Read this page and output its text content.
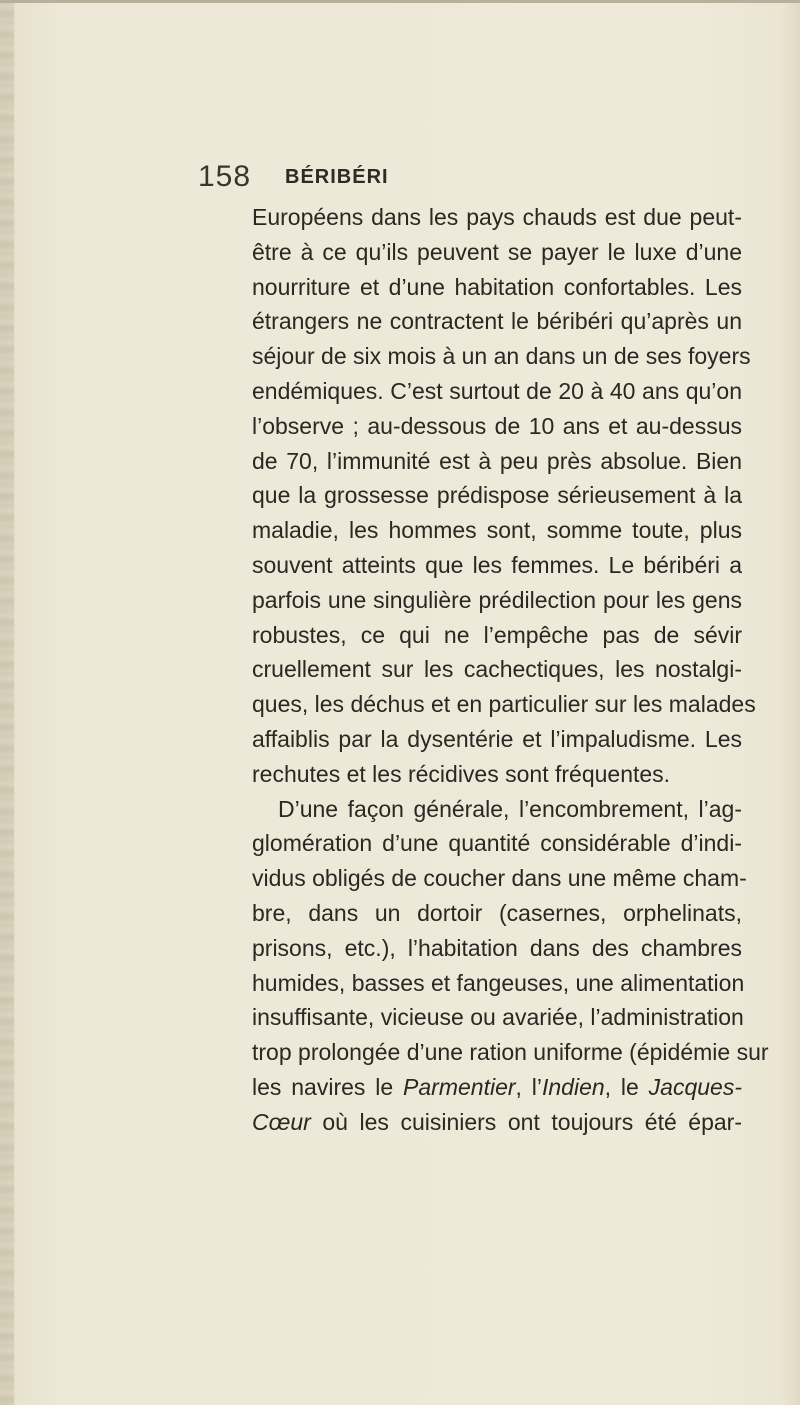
158 BÉRIBÉRI
Européens dans les pays chauds est due peut-
être à ce qu’ils peuvent se payer le luxe d’une
nourriture et d’une habitation confortables. Les
étrangers ne contractent le béribéri qu’après un
séjour de six mois à un an dans un de ses foyers
endémiques. C’est surtout de 20 à 40 ans qu’on
l’observe ; au-dessous de 10 ans et au-dessus
de 70, l’immunité est à peu près absolue. Bien
que la grossesse prédispose sérieusement à la
maladie, les hommes sont, somme toute, plus
souvent atteints que les femmes. Le béribéri a
parfois une singulière prédilection pour les gens
robustes, ce qui ne l’empêche pas de sévir
cruellement sur les cachectiques, les nostalgi-
ques, les déchus et en particulier sur les malades
affaiblis par la dysentérie et l’impaludisme. Les
rechutes et les récidives sont fréquentes.
D’une façon générale, l’encombrement, l’ag-
glomération d’une quantité considérable d’indi-
vidus obligés de coucher dans une même cham-
bre, dans un dortoir (casernes, orphelinats,
prisons, etc.), l’habitation dans des chambres
humides, basses et fangeuses, une alimentation
insuffisante, vicieuse ou avariée, l’administration
trop prolongée d’une ration uniforme (épidémie sur
les navires le Parmentier, l’Indien, le Jacques-
Cœur où les cuisiniers ont toujours été épar-
